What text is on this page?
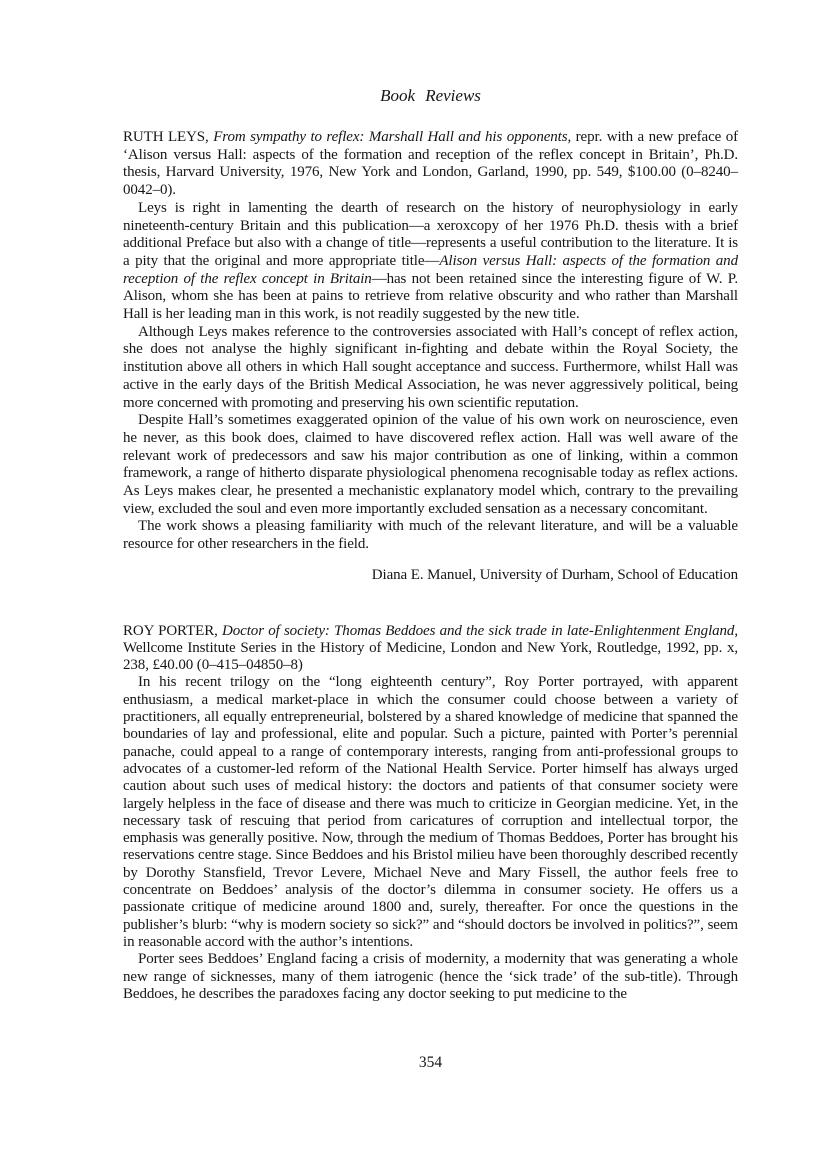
Book Reviews

RUTH LEYS, From sympathy to reflex: Marshall Hall and his opponents, repr. with a new preface of ‘Alison versus Hall: aspects of the formation and reception of the reflex concept in Britain’, Ph.D. thesis, Harvard University, 1976, New York and London, Garland, 1990, pp. 549, $100.00 (0–8240–0042–0).

Leys is right in lamenting the dearth of research on the history of neurophysiology in early nineteenth-century Britain and this publication—a xeroxcopy of her 1976 Ph.D. thesis with a brief additional Preface but also with a change of title—represents a useful contribution to the literature. It is a pity that the original and more appropriate title—Alison versus Hall: aspects of the formation and reception of the reflex concept in Britain—has not been retained since the interesting figure of W. P. Alison, whom she has been at pains to retrieve from relative obscurity and who rather than Marshall Hall is her leading man in this work, is not readily suggested by the new title.

Although Leys makes reference to the controversies associated with Hall’s concept of reflex action, she does not analyse the highly significant in-fighting and debate within the Royal Society, the institution above all others in which Hall sought acceptance and success. Furthermore, whilst Hall was active in the early days of the British Medical Association, he was never aggressively political, being more concerned with promoting and preserving his own scientific reputation.

Despite Hall’s sometimes exaggerated opinion of the value of his own work on neuroscience, even he never, as this book does, claimed to have discovered reflex action. Hall was well aware of the relevant work of predecessors and saw his major contribution as one of linking, within a common framework, a range of hitherto disparate physiological phenomena recognisable today as reflex actions. As Leys makes clear, he presented a mechanistic explanatory model which, contrary to the prevailing view, excluded the soul and even more importantly excluded sensation as a necessary concomitant.

The work shows a pleasing familiarity with much of the relevant literature, and will be a valuable resource for other researchers in the field.

Diana E. Manuel, University of Durham, School of Education

ROY PORTER, Doctor of society: Thomas Beddoes and the sick trade in late-Enlightenment England, Wellcome Institute Series in the History of Medicine, London and New York, Routledge, 1992, pp. x, 238, £40.00 (0–415–04850–8)

In his recent trilogy on the “long eighteenth century”, Roy Porter portrayed, with apparent enthusiasm, a medical market-place in which the consumer could choose between a variety of practitioners, all equally entrepreneurial, bolstered by a shared knowledge of medicine that spanned the boundaries of lay and professional, elite and popular. Such a picture, painted with Porter’s perennial panache, could appeal to a range of contemporary interests, ranging from anti-professional groups to advocates of a customer-led reform of the National Health Service. Porter himself has always urged caution about such uses of medical history: the doctors and patients of that consumer society were largely helpless in the face of disease and there was much to criticize in Georgian medicine. Yet, in the necessary task of rescuing that period from caricatures of corruption and intellectual torpor, the emphasis was generally positive. Now, through the medium of Thomas Beddoes, Porter has brought his reservations centre stage. Since Beddoes and his Bristol milieu have been thoroughly described recently by Dorothy Stansfield, Trevor Levere, Michael Neve and Mary Fissell, the author feels free to concentrate on Beddoes’ analysis of the doctor’s dilemma in consumer society. He offers us a passionate critique of medicine around 1800 and, surely, thereafter. For once the questions in the publisher’s blurb: “why is modern society so sick?” and “should doctors be involved in politics?”, seem in reasonable accord with the author’s intentions.

Porter sees Beddoes’ England facing a crisis of modernity, a modernity that was generating a whole new range of sicknesses, many of them iatrogenic (hence the ‘sick trade’ of the sub-title). Through Beddoes, he describes the paradoxes facing any doctor seeking to put medicine to the

354
